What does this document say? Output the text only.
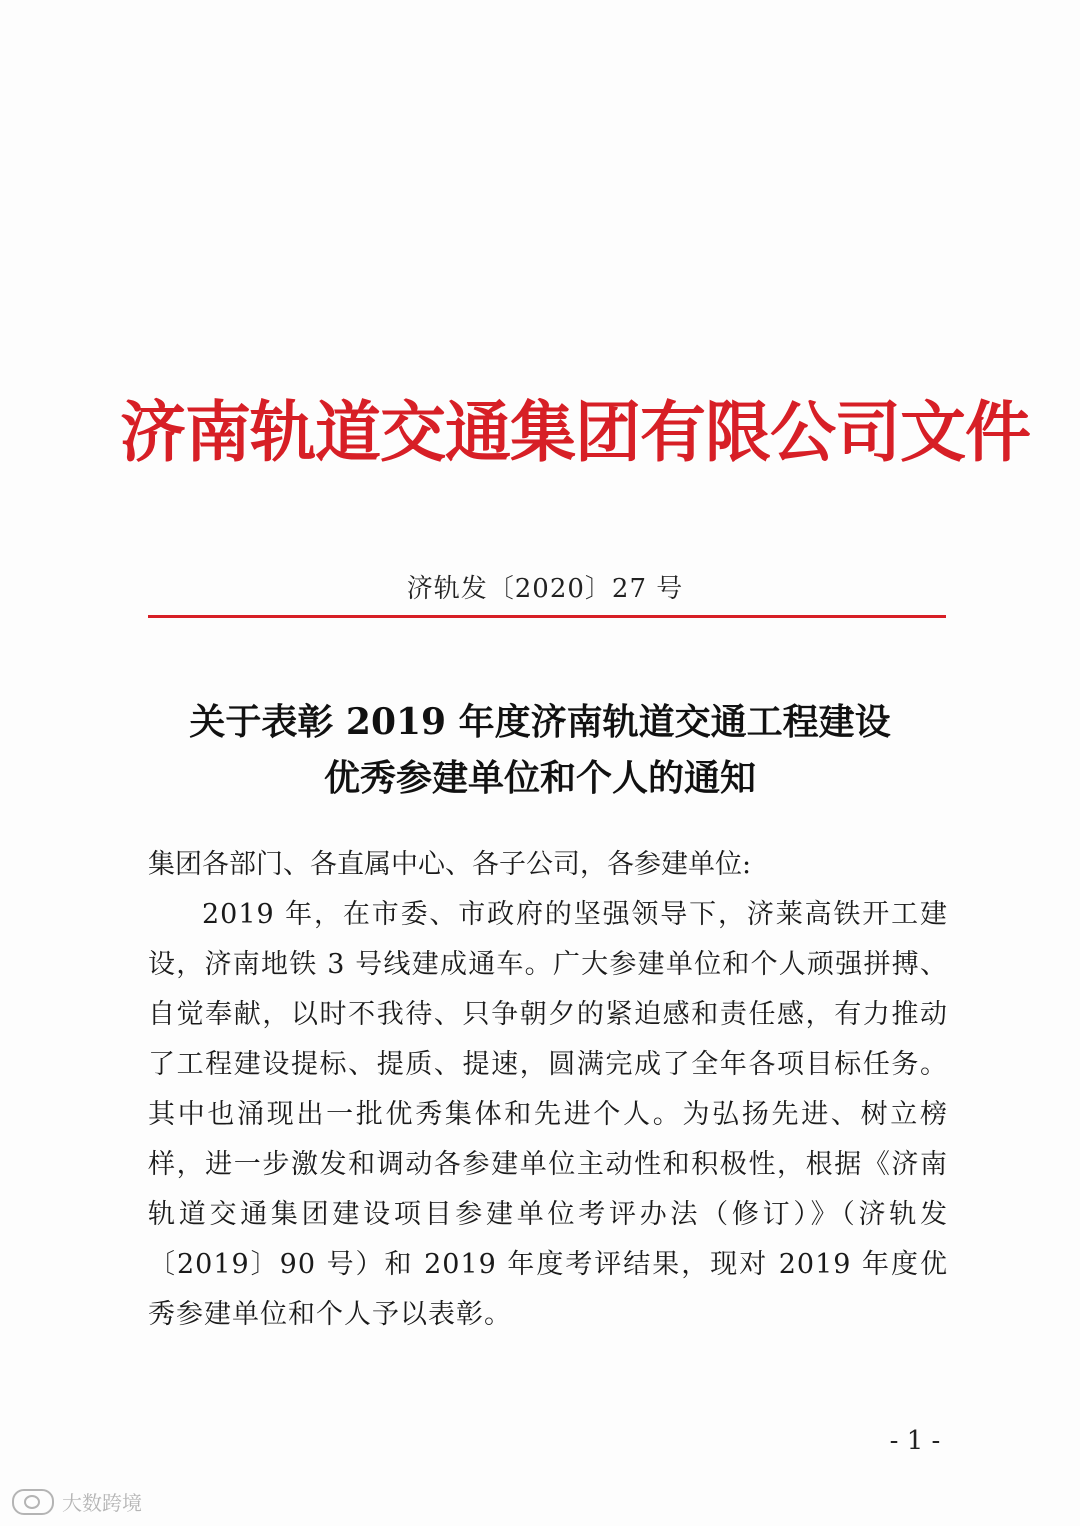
济南轨道交通集团有限公司文件
济轨发〔2020〕27 号
关于表彰 2019 年度济南轨道交通工程建设
优秀参建单位和个人的通知

集团各部门、各直属中心、各子公司，各参建单位:

2019 年，在市委、市政府的坚强领导下，济莱高铁开工建设，济南地铁 3 号线建成通车。广大参建单位和个人顽强拼搏、自觉奉献，以时不我待、只争朝夕的紧迫感和责任感，有力推动了工程建设提标、提质、提速，圆满完成了全年各项目标任务。其中也涌现出一批优秀集体和先进个人。为弘扬先进、树立榜样，进一步激发和调动各参建单位主动性和积极性，根据《济南轨道交通集团建设项目参建单位考评办法（修订）》（济轨发〔2019〕90 号）和 2019 年度考评结果，现对 2019 年度优秀参建单位和个人予以表彰。

- 1 -
大数跨境
